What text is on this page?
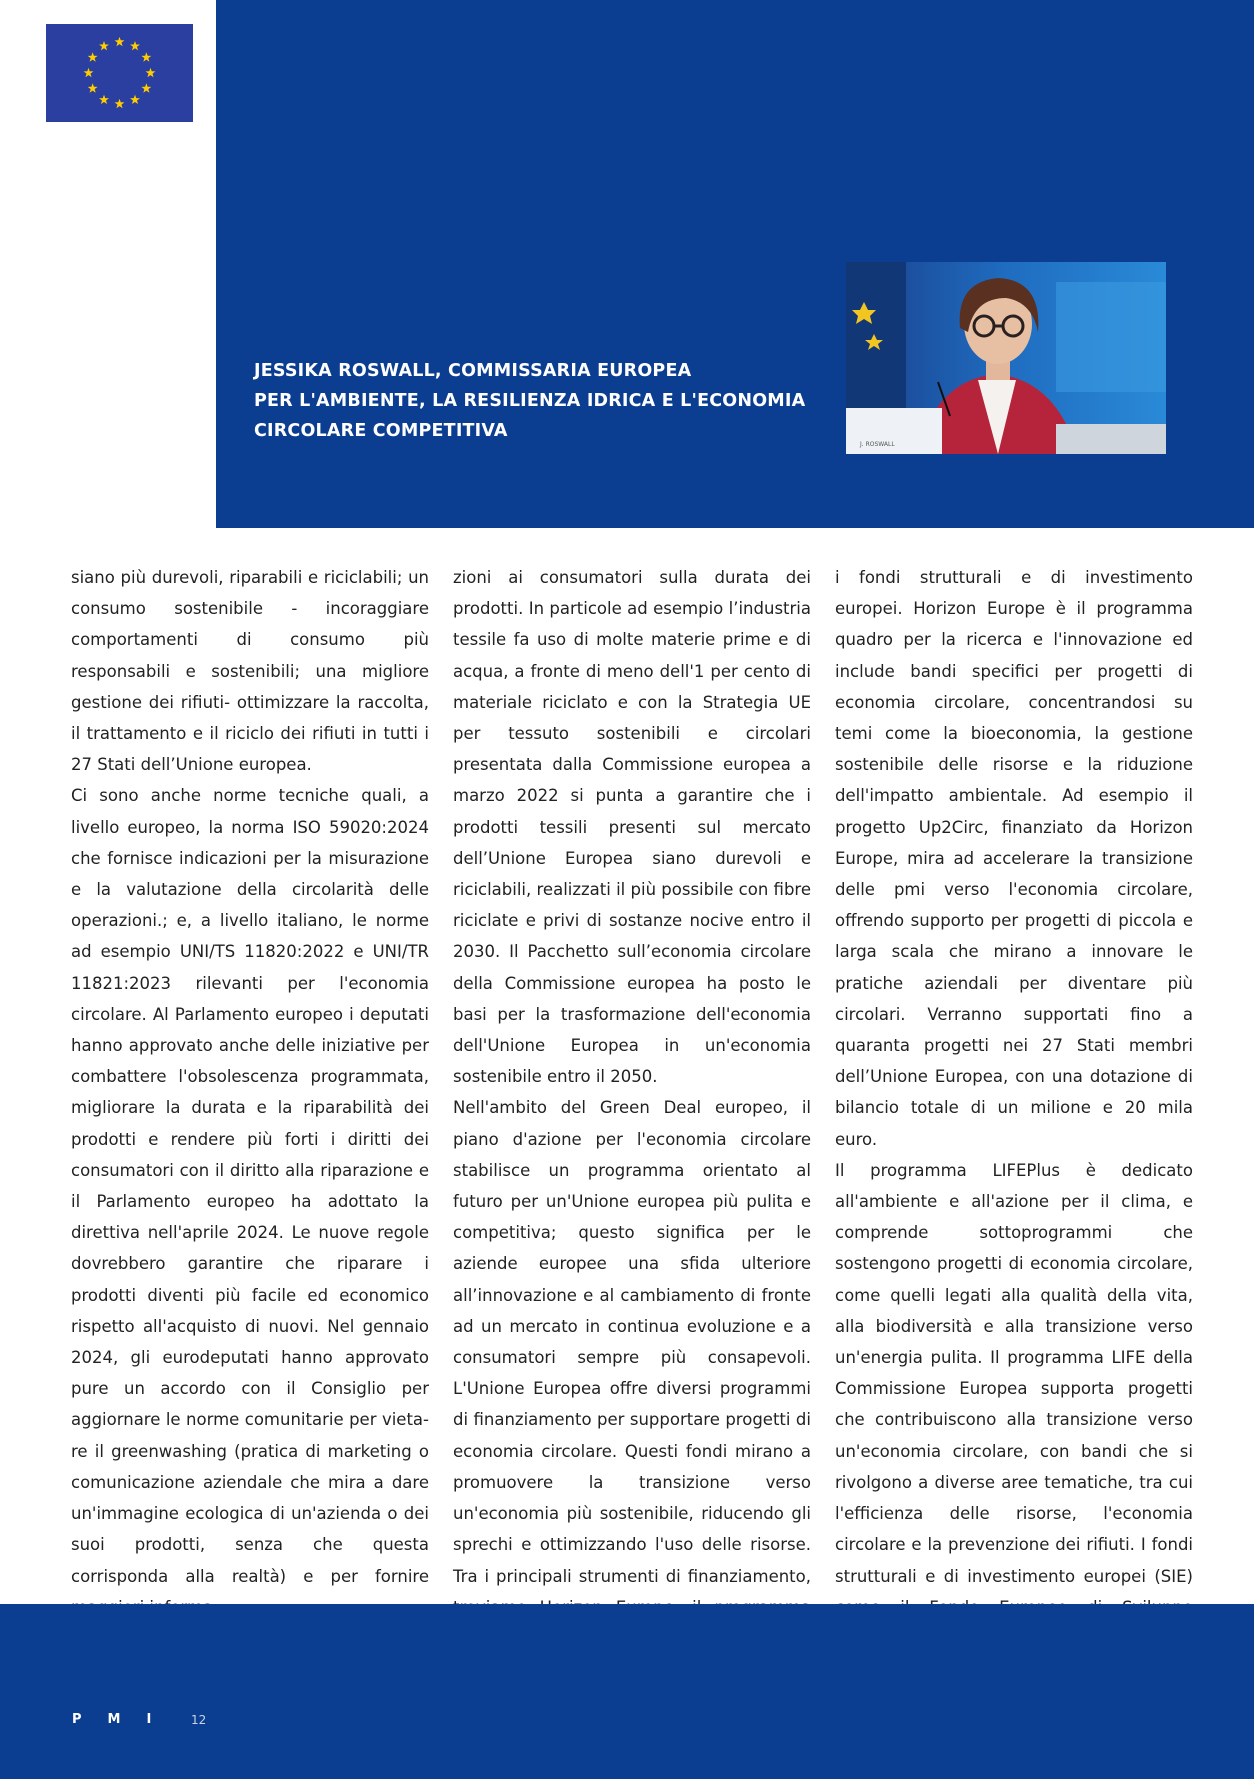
JESSIKA ROSWALL, COMMISSARIA EUROPEA
PER L'AMBIENTE, LA RESILIENZA IDRICA E L'ECONOMIA
CIRCOLARE COMPETITIVA
J. ROSWALL

siano più durevoli, riparabili e riciclabili; un consumo sostenibile - incoraggiare comportamenti di consumo più responsabili e sostenibili; una migliore gestione dei rifiuti- ottimizzare la raccolta, il trattamento e il riciclo dei rifiuti in tutti i 27 Stati dell’Unione europea.

Ci sono anche norme tecniche quali, a livello europeo, la norma ISO 59020:2024 che fornisce indicazioni per la misurazione e la valutazione della circolarità delle operazioni.; e, a livello italiano, le norme ad esempio UNI/TS 11820:2022 e UNI/TR 11821:2023 rilevanti per l'economia circolare. Al Parlamento europeo i deputati hanno approvato anche delle iniziative per combattere l'obsolescenza programmata, migliorare la durata e la riparabilità dei prodotti e rendere più forti i diritti dei consumatori con il diritto alla riparazione e il Parlamento europeo ha adottato la direttiva nell'aprile 2024. Le nuove regole dovrebbero garantire che riparare i prodotti diventi più facile ed economico rispetto all'acquisto di nuovi. Nel gennaio 2024, gli eurodeputati hanno approvato pure un accordo con il Consiglio per aggiornare le norme comunitarie per vietare il greenwashing (pratica di marketing o comunicazione aziendale che mira a dare un'immagine ecologica di un'azienda o dei suoi prodotti, senza che questa corrisponda alla realtà) e per fornire

zioni ai consumatori sulla durata dei prodotti. In particole ad esempio l’industria tessile fa uso di molte materie prime e di acqua, a fronte di meno dell'1 per cento di materiale riciclato e con la Strategia UE per tessuto sostenibili e circolari presentata dalla Commissione europea a marzo 2022 si punta a garantire che i prodotti tessili presenti sul mercato dell’Unione Europea siano durevoli e riciclabili, realizzati il più possibile con fibre riciclate e privi di sostanze nocive entro il 2030. Il Pacchetto sull’economia circolare della Commissione europea ha posto le basi per la trasformazione dell'economia dell'Unione Europea in un'economia sostenibile entro il 2050.

Nell'ambito del Green Deal europeo, il piano d'azione per l'economia circolare stabilisce un programma orientato al futuro per un'Unione europea più pulita e competitiva; questo significa per le aziende europee una sfida ulteriore all’innovazione e al cambiamento di fronte ad un mercato in continua evoluzione e a consumatori sempre più consapevoli. L'Unione Europea offre diversi programmi di finanziamento per supportare progetti di economia circolare. Questi fondi mirano a promuovere la transizione verso un'economia più sostenibile, riducendo gli sprechi e ottimizzando l'uso delle risorse. Tra i principali strumenti di finanziamento,

i fondi strutturali e di investimento europei. Horizon Europe è il programma quadro per la ricerca e l'innovazione ed include bandi specifici per progetti di economia circolare, concentrandosi su temi come la bioeconomia, la gestione sostenibile delle risorse e la riduzione dell'impatto ambientale. Ad esempio il progetto Up2Circ, finanziato da Horizon Europe, mira ad accelerare la transizione delle pmi verso l'economia circolare, offrendo supporto per progetti di piccola e larga scala che mirano a innovare le pratiche aziendali per diventare più circolari. Verranno supportati fino a quaranta progetti nei 27 Stati membri dell’Unione Europea, con una dotazione di bilancio totale di un milione e 20 mila euro.

Il programma LIFEPlus è dedicato all'ambiente e all'azione per il clima, e comprende sottoprogrammi che sostengono progetti di economia circolare, come quelli legati alla qualità della vita, alla biodiversità e alla transizione verso un'energia pulita. Il programma LIFE della Commissione Europea supporta progetti che contribuiscono alla transizione verso un'economia circolare, con bandi che si rivolgono a diverse aree tematiche, tra cui l'efficienza delle risorse, l'economia circolare e la prevenzione dei rifiuti. I fondi strutturali e di investimento europei (SIE)

PMI 12
